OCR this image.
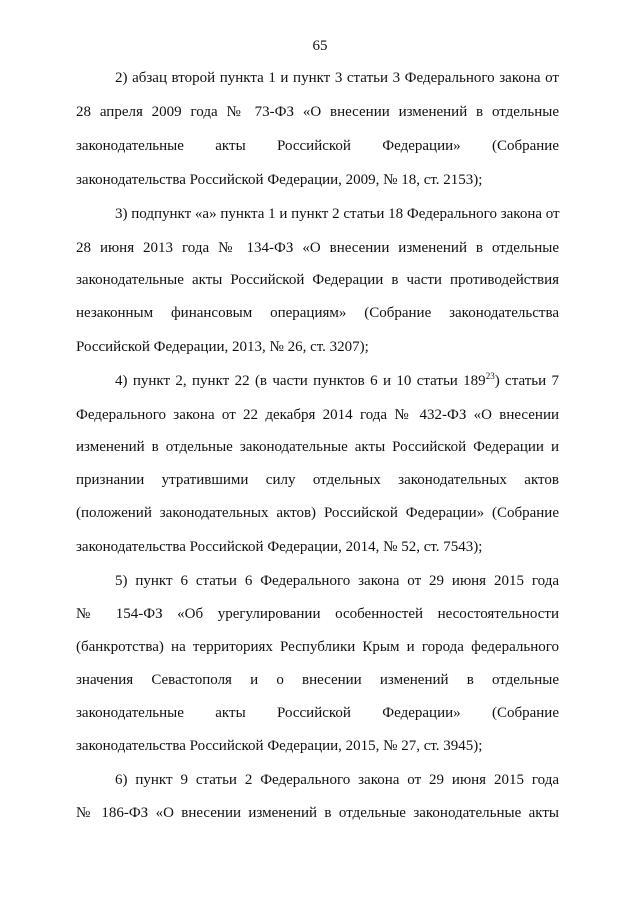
65
2) абзац второй пункта 1 и пункт 3 статьи 3 Федерального закона от
28 апреля 2009 года № 73-ФЗ «О внесении изменений в отдельные
законодательные акты Российской Федерации» (Собрание
законодательства Российской Федерации, 2009, № 18, ст. 2153);
3) подпункт «а» пункта 1 и пункт 2 статьи 18 Федерального закона от
28 июня 2013 года № 134-ФЗ «О внесении изменений в отдельные
законодательные акты Российской Федерации в части противодействия
незаконным финансовым операциям» (Собрание законодательства
Российской Федерации, 2013, № 26, ст. 3207);
4) пункт 2, пункт 22 (в части пунктов 6 и 10 статьи $189^{23}$) статьи 7
Федерального закона от 22 декабря 2014 года № 432-ФЗ «О внесении
изменений в отдельные законодательные акты Российской Федерации и
признании утратившими силу отдельных законодательных актов
(положений законодательных актов) Российской Федерации» (Собрание
законодательства Российской Федерации, 2014, № 52, ст. 7543);
5) пункт 6 статьи 6 Федерального закона от 29 июня 2015 года
№ 154-ФЗ «Об урегулировании особенностей несостоятельности
(банкротства) на территориях Республики Крым и города федерального
значения Севастополя и о внесении изменений в отдельные
законодательные акты Российской Федерации» (Собрание
законодательства Российской Федерации, 2015, № 27, ст. 3945);
6) пункт 9 статьи 2 Федерального закона от 29 июня 2015 года
№ 186-ФЗ «О внесении изменений в отдельные законодательные акты
